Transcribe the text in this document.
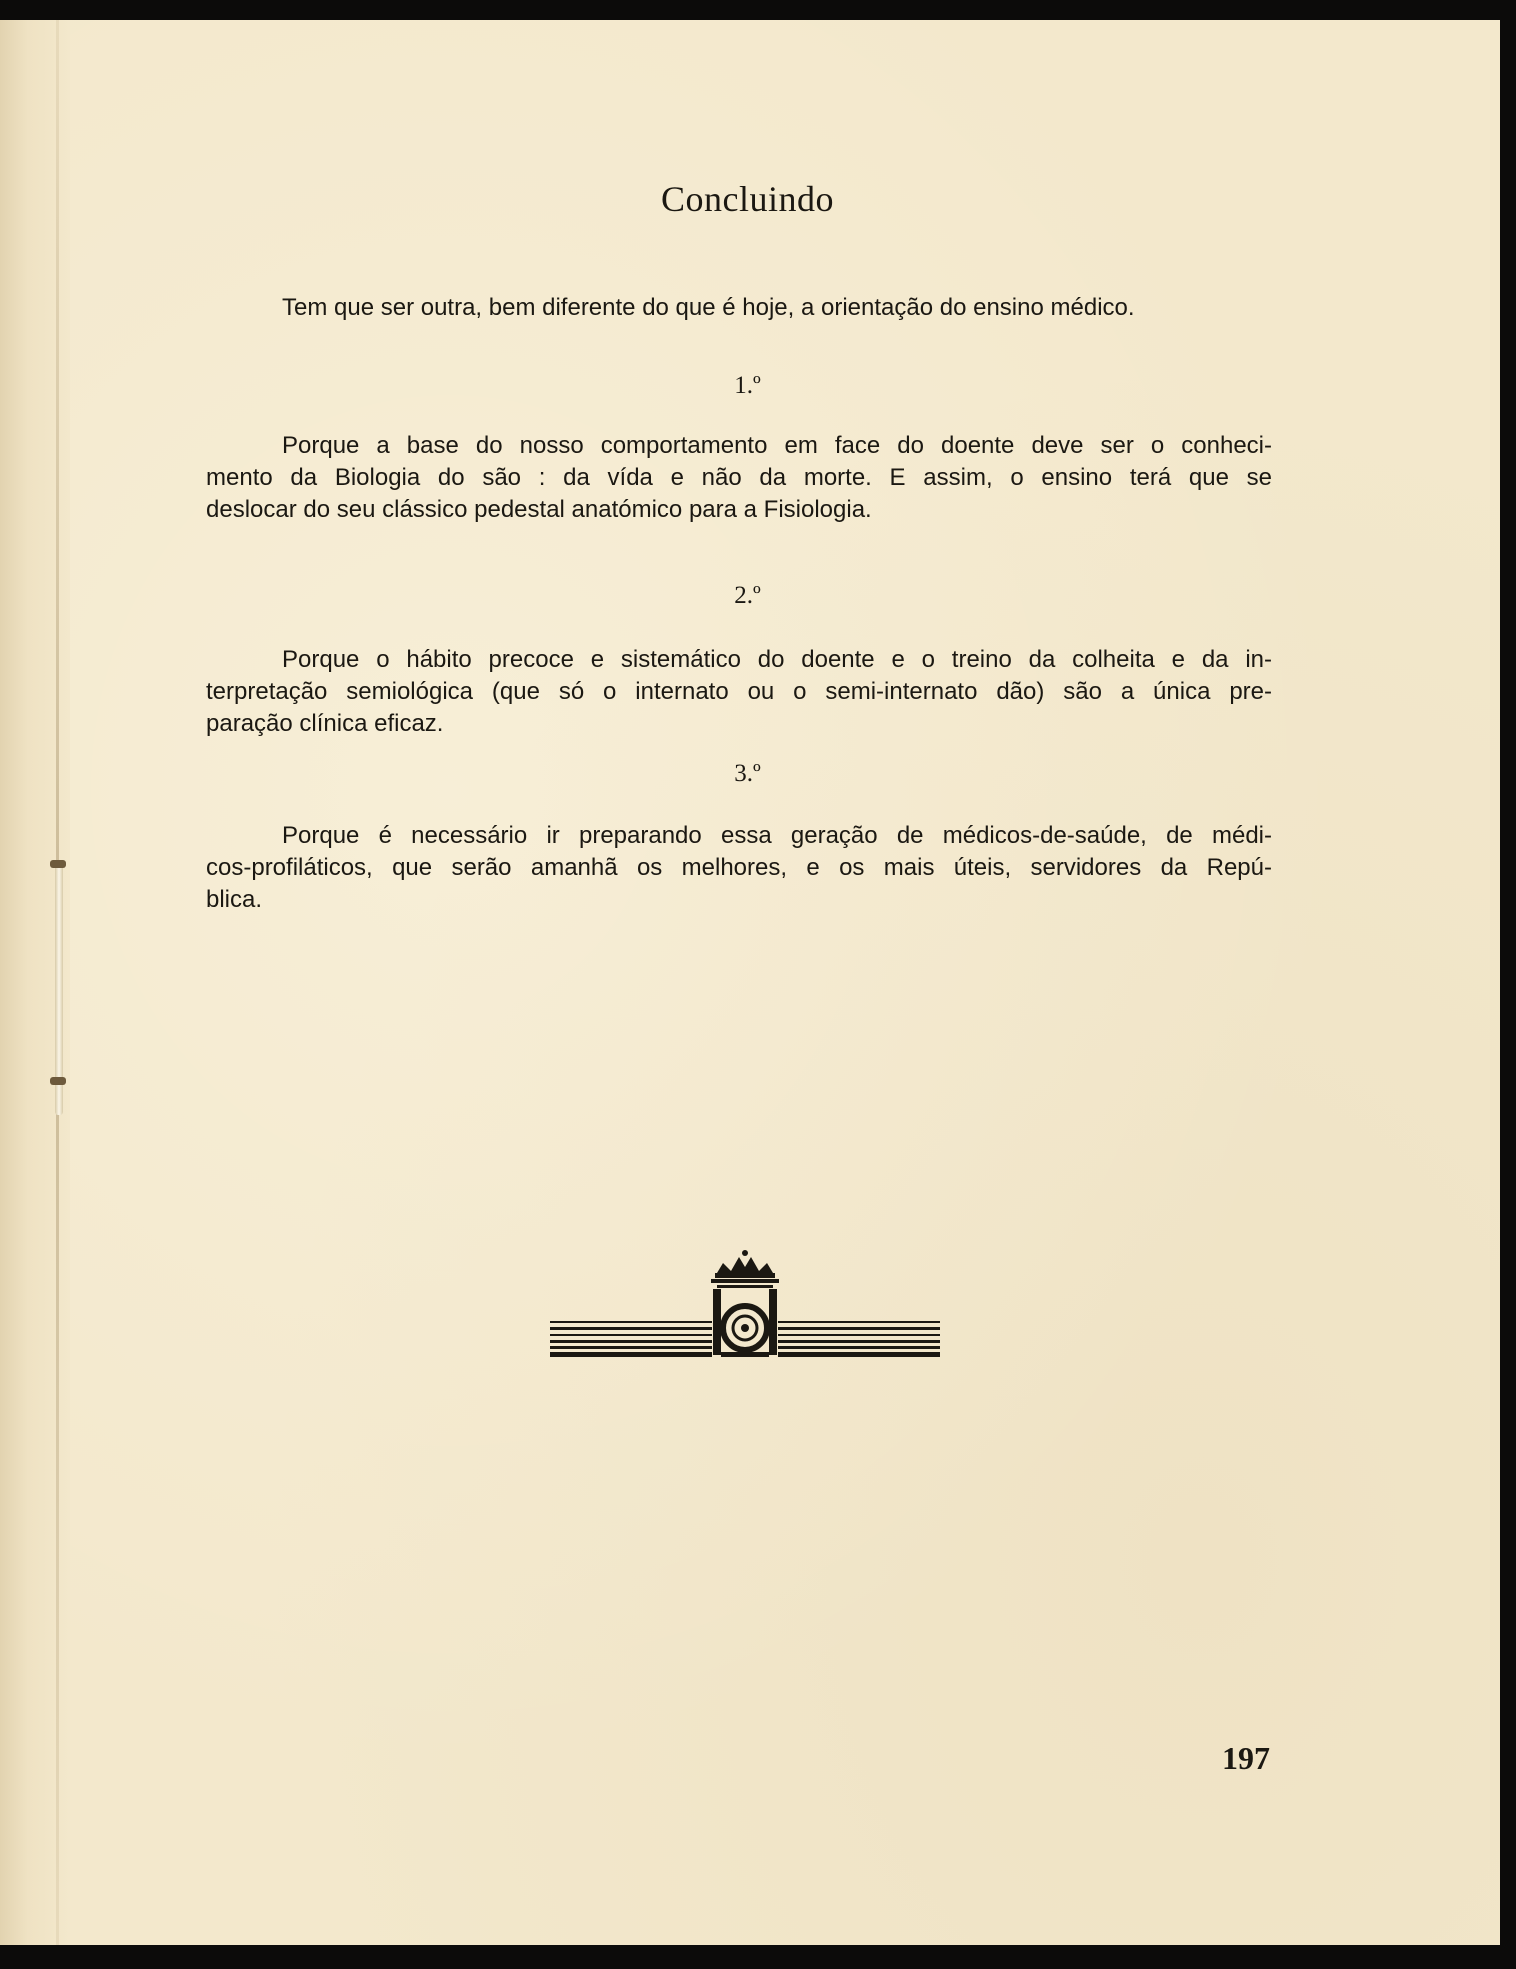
Concluindo
Tem que ser outra, bem diferente do que é hoje, a orientação do ensino médico.
1.º
Porque a base do nosso comportamento em face do doente deve ser o conheci-
mento da Biologia do são : da vída e não da morte. E assim, o ensino terá que se
deslocar do seu clássico pedestal anatómico para a Fisiologia.
2.º
Porque o hábito precoce e sistemático do doente e o treino da colheita e da in-
terpretação semiológica (que só o internato ou o semi-internato dão) são a única pre-
paração clínica eficaz.
3.º
Porque é necessário ir preparando essa geração de médicos-de-saúde, de médi-
cos-profiláticos, que serão amanhã os melhores, e os mais úteis, servidores da Repú-
blica.
197
